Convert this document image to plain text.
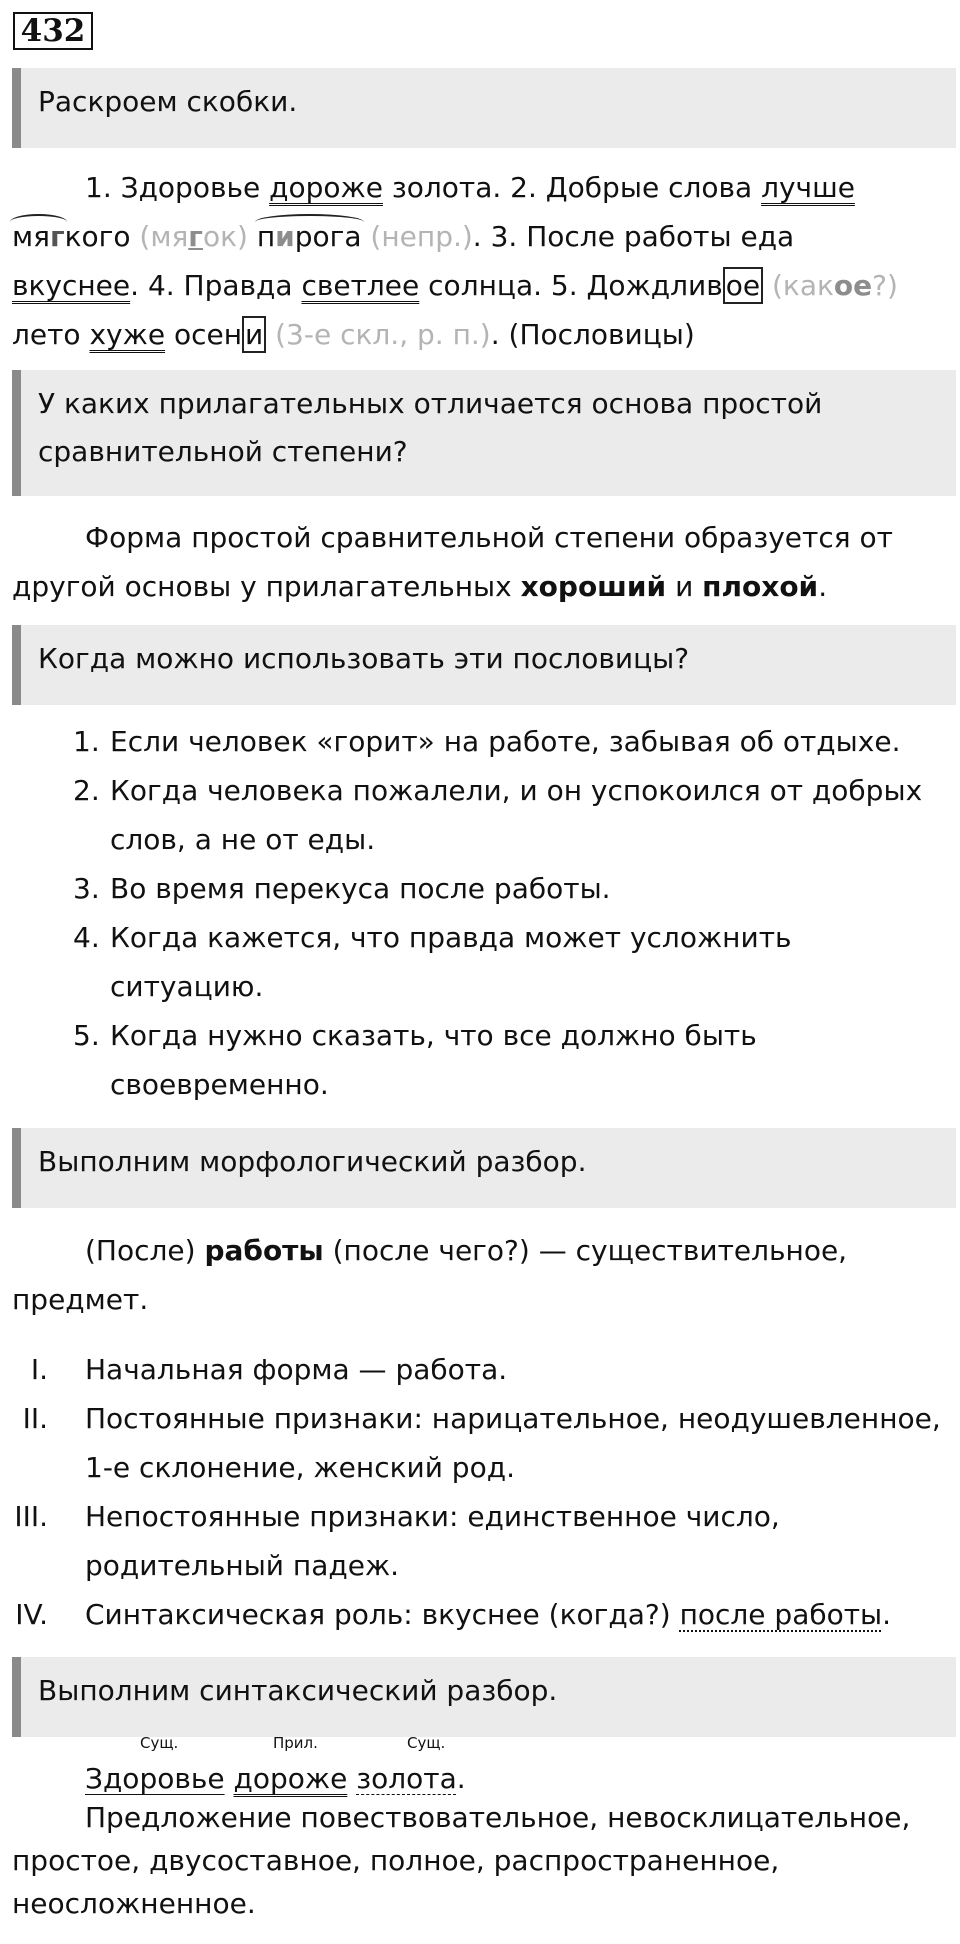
432
Раскроем скобки.
1. Здоровье дороже золота. 2. Добрые слова лучше
мягкого (мягок) пирога (непр.). 3. После работы еда
вкуснее. 4. Правда светлее солнца. 5. Дождлив ое (какое?)
лето хуже осен и (3-е скл., р. п.). (Пословицы)
У каких прилагательных отличается основа простой сравнительной степени?
Форма простой сравнительной степени образуется от другой основы у прилагательных хороший и плохой.
Когда можно использовать эти пословицы?
1. Если человек «горит» на работе, забывая об отдыхе.
2. Когда человека пожалели, и он успокоился от добрых слов, а не от еды.
3. Во время перекуса после работы.
4. Когда кажется, что правда может усложнить ситуацию.
5. Когда нужно сказать, что все должно быть своевременно.
Выполним морфологический разбор.
(После) работы (после чего?) — существительное, предмет.
I. Начальная форма — работа.
II. Постоянные признаки: нарицательное, неодушевленное, 1-е склонение, женский род.
III. Непостоянные признаки: единственное число, родительный падеж.
IV. Синтаксическая роль: вкуснее (когда?) после работы.
Выполним синтаксический разбор.
Сущ.	Прил.	Сущ.
Здоровье дороже золота.
Предложение повествовательное, невосклицательное, простое, двусоставное, полное, распространенное, неосложненное.
